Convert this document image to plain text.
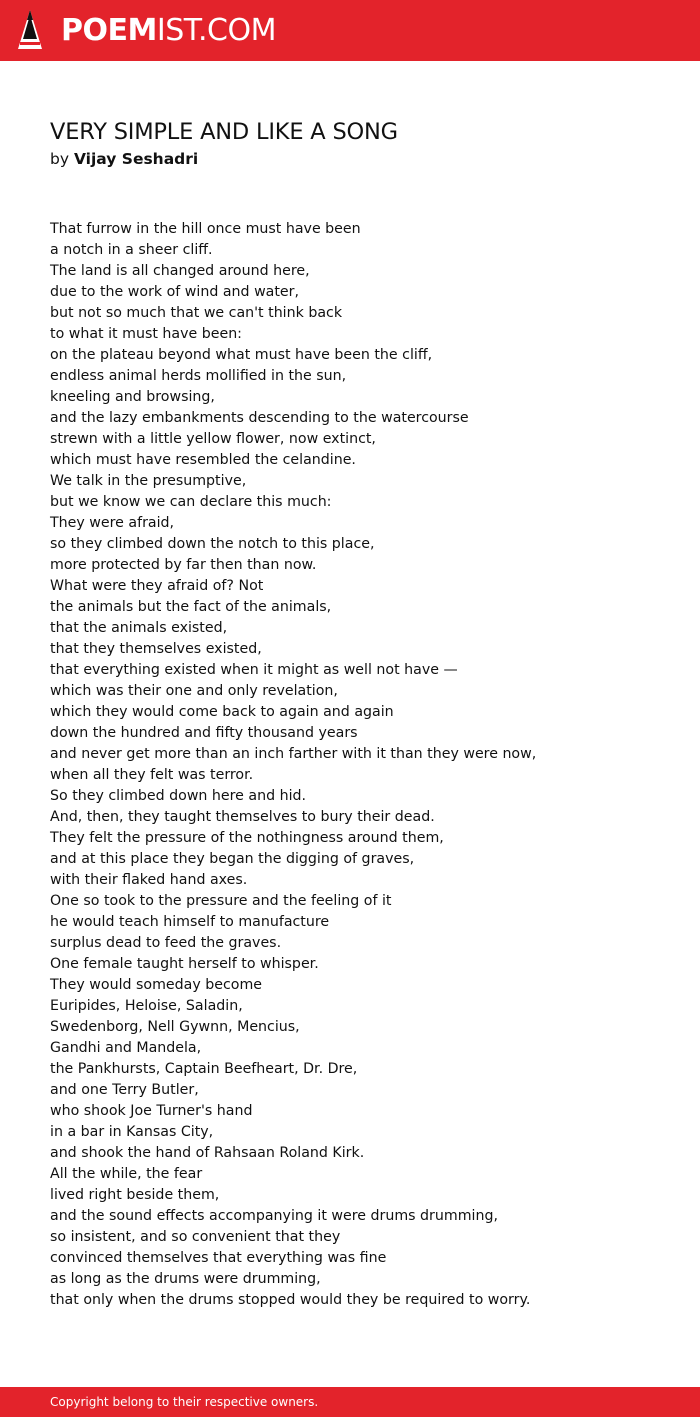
POEMIST.COM
VERY SIMPLE AND LIKE A SONG
by Vijay Seshadri
That furrow in the hill once must have been
a notch in a sheer cliff.
The land is all changed around here,
due to the work of wind and water,
but not so much that we can't think back
to what it must have been:
on the plateau beyond what must have been the cliff,
endless animal herds mollified in the sun,
kneeling and browsing,
and the lazy embankments descending to the watercourse
strewn with a little yellow flower, now extinct,
which must have resembled the celandine.
We talk in the presumptive,
but we know we can declare this much:
They were afraid,
so they climbed down the notch to this place,
more protected by far then than now.
What were they afraid of? Not
the animals but the fact of the animals,
that the animals existed,
that they themselves existed,
that everything existed when it might as well not have —
which was their one and only revelation,
which they would come back to again and again
down the hundred and fifty thousand years
and never get more than an inch farther with it than they were now,
when all they felt was terror.
So they climbed down here and hid.
And, then, they taught themselves to bury their dead.
They felt the pressure of the nothingness around them,
and at this place they began the digging of graves,
with their flaked hand axes.
One so took to the pressure and the feeling of it
he would teach himself to manufacture
surplus dead to feed the graves.
One female taught herself to whisper.
They would someday become
Euripides, Heloise, Saladin,
Swedenborg, Nell Gywnn, Mencius,
Gandhi and Mandela,
the Pankhursts, Captain Beefheart, Dr. Dre,
and one Terry Butler,
who shook Joe Turner's hand
in a bar in Kansas City,
and shook the hand of Rahsaan Roland Kirk.
All the while, the fear
lived right beside them,
and the sound effects accompanying it were drums drumming,
so insistent, and so convenient that they
convinced themselves that everything was fine
as long as the drums were drumming,
that only when the drums stopped would they be required to worry.
Copyright belong to their respective owners.
